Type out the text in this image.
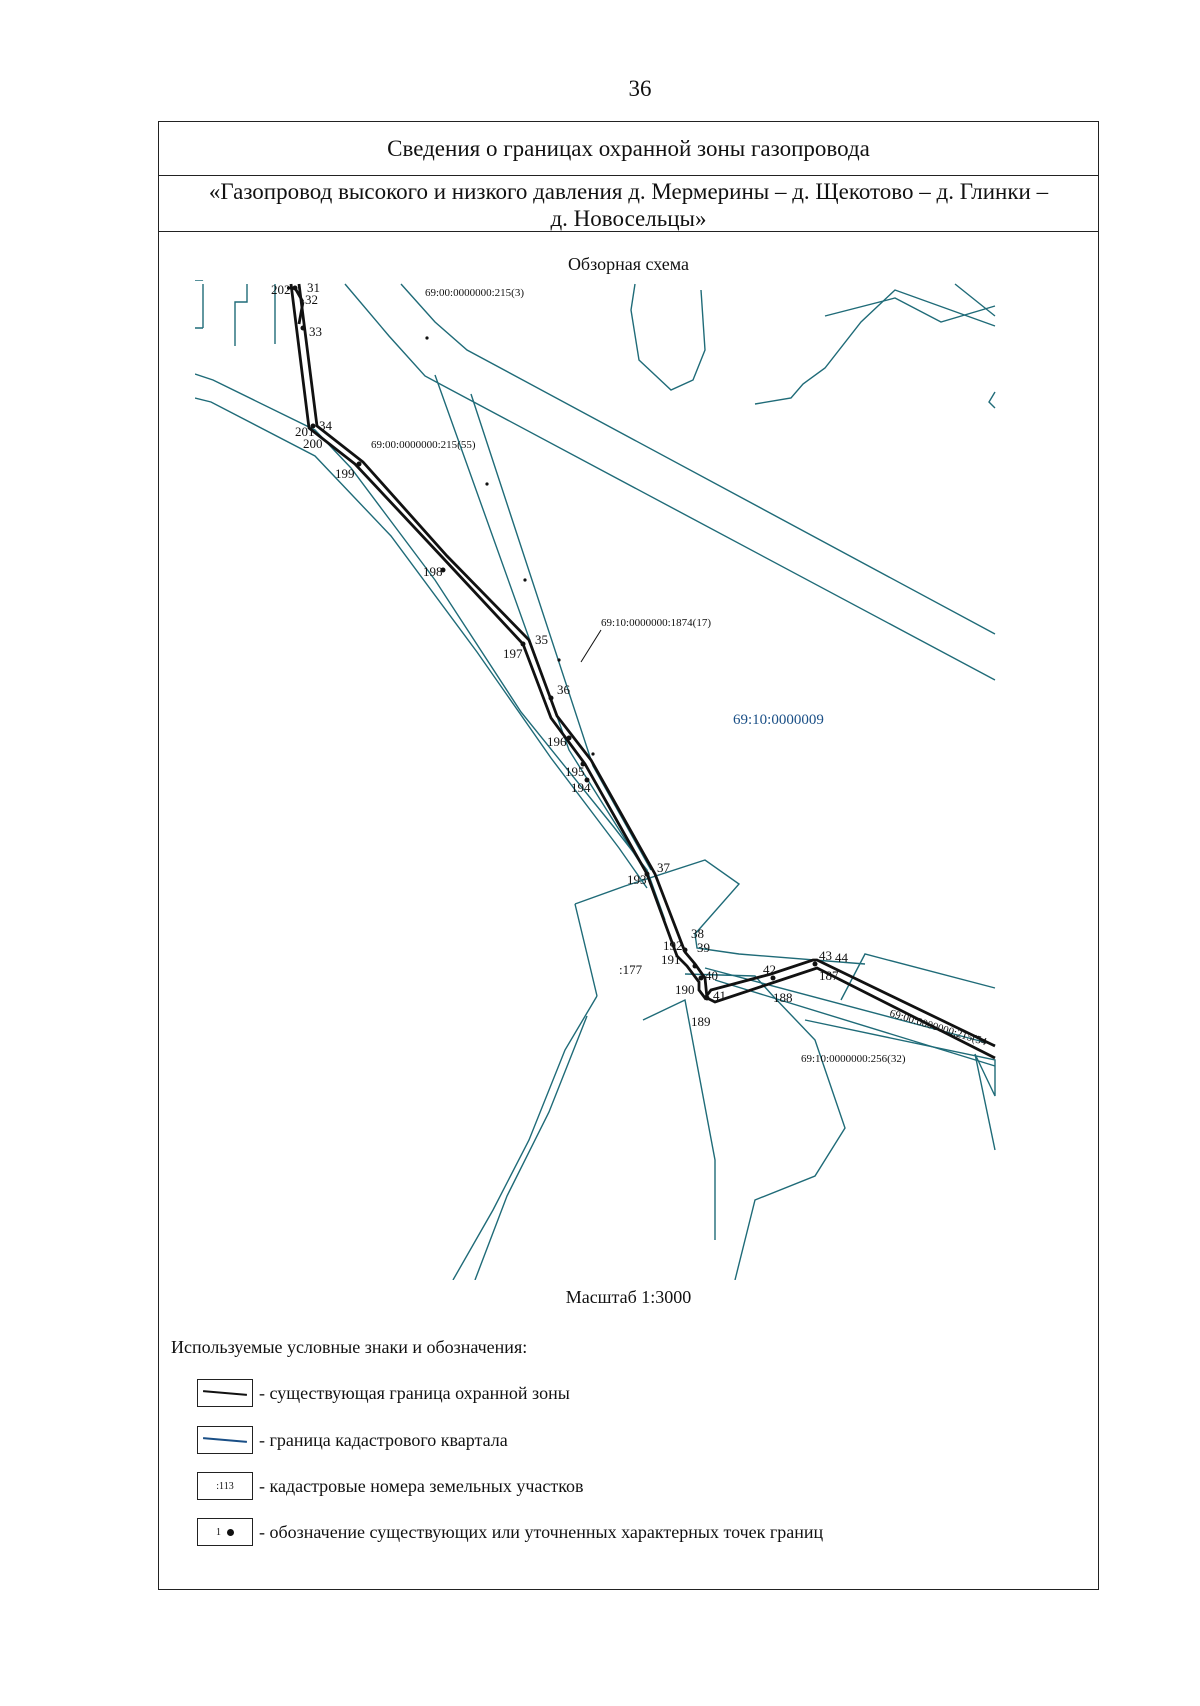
36
Сведения о границах охранной зоны газопровода
«Газопровод высокого и низкого давления д. Мермерины – д. Щекотово – д. Глинки –
д. Новосельцы»
Обзорная схема
202 31
32
33
201 34
200
199
198
35
197
36
196
195
194
37
193
38
192 39
191
40
190 41
189
42
188
43 44
187
69:00:0000000:215(3)
69:00:0000000:215(55)
69:10:0000000:1874(17)
69:10:0000009
:177
69:10:0000000:256(32)
69:00:0000000:215(54
Масштаб 1:3000
Используемые условные знаки и обозначения:
- существующая граница охранной зоны
- граница кадастрового квартала
:113 - кадастровые номера земельных участков
1 - обозначение существующих или уточненных характерных точек границ
